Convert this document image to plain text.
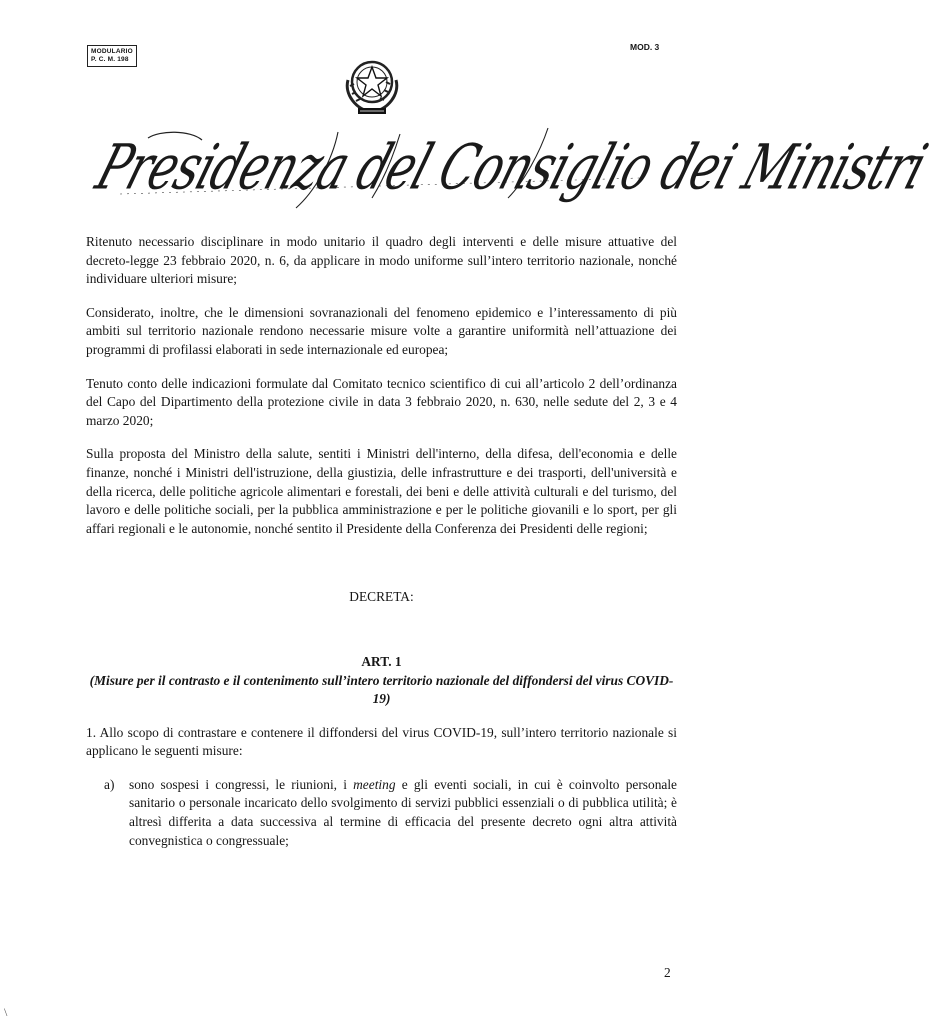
MODULARIO
P. C. M. 198
MOD. 3
Presidenza del Consiglio dei Ministri

Ritenuto necessario disciplinare in modo unitario il quadro degli interventi e delle misure attuative del decreto-legge 23 febbraio 2020, n. 6, da applicare in modo uniforme sull’intero territorio nazionale, nonché individuare ulteriori misure;

Considerato, inoltre, che le dimensioni sovranazionali del fenomeno epidemico e l’interessamento di più ambiti sul territorio nazionale rendono necessarie misure volte a garantire uniformità nell’attuazione dei programmi di profilassi elaborati in sede internazionale ed europea;

Tenuto conto delle indicazioni formulate dal Comitato tecnico scientifico di cui all’articolo 2 dell’ordinanza del Capo del Dipartimento della protezione civile in data 3 febbraio 2020, n. 630, nelle sedute del 2, 3 e 4 marzo 2020;

Sulla proposta del Ministro della salute, sentiti i Ministri dell'interno, della difesa, dell'economia e delle finanze, nonché i Ministri dell'istruzione, della giustizia, delle infrastrutture e dei trasporti, dell'università e della ricerca, delle politiche agricole alimentari e forestali, dei beni e delle attività culturali e del turismo, del lavoro e delle politiche sociali, per la pubblica amministrazione e per le politiche giovanili e lo sport, per gli affari regionali e le autonomie, nonché sentito il Presidente della Conferenza dei Presidenti delle regioni;

DECRETA:

ART. 1

(Misure per il contrasto e il contenimento sull’intero territorio nazionale del diffondersi del virus COVID-19)

1. Allo scopo di contrastare e contenere il diffondersi del virus COVID-19, sull’intero territorio nazionale si applicano le seguenti misure:

a)	sono sospesi i congressi, le riunioni, i meeting e gli eventi sociali, in cui è coinvolto personale sanitario o personale incaricato dello svolgimento di servizi pubblici essenziali o di pubblica utilità; è altresì differita a data successiva al termine di efficacia del presente decreto ogni altra attività convegnistica o congressuale;
2
\
